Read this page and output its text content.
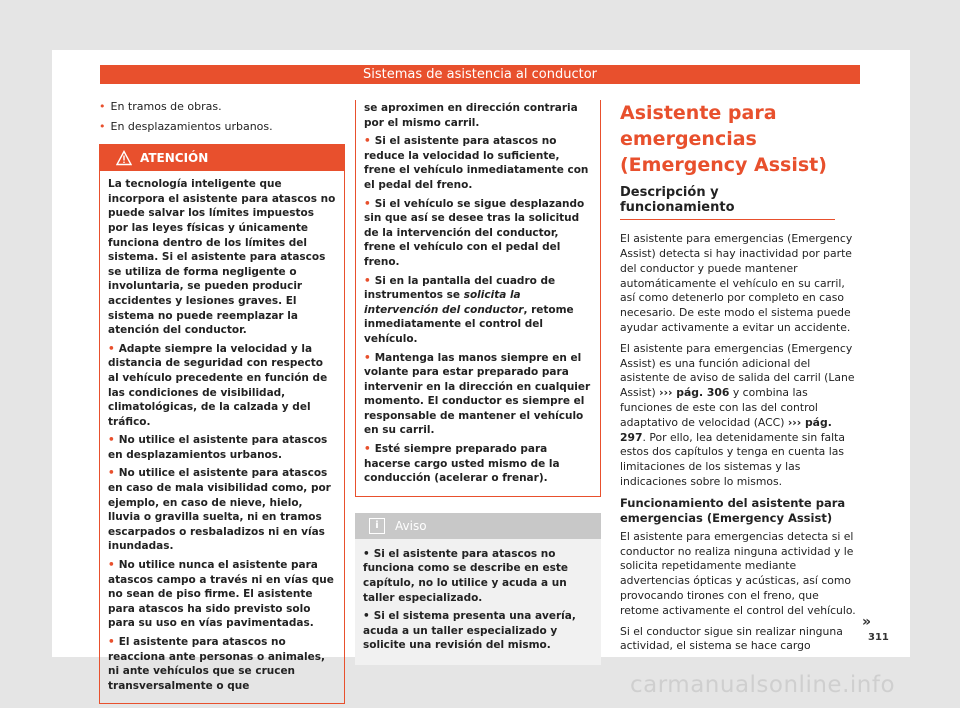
Sistemas de asistencia al conductor
• En tramos de obras.
• En desplazamientos urbanos.
ATENCIÓN

La tecnología inteligente que incorpora el asistente para atascos no puede salvar los límites impuestos por las leyes físicas y únicamente funciona dentro de los límites del sistema. Si el asistente para atascos se utiliza de forma negligente o involuntaria, se pueden producir accidentes y lesiones graves. El sistema no puede reemplazar la atención del conductor.

• Adapte siempre la velocidad y la distancia de seguridad con respecto al vehículo precedente en función de las condiciones de visibilidad, climatológicas, de la calzada y del tráfico.
• No utilice el asistente para atascos en desplazamientos urbanos.
• No utilice el asistente para atascos en caso de mala visibilidad como, por ejemplo, en caso de nieve, hielo, lluvia o gravilla suelta, ni en tramos escarpados o resbaladizos ni en vías inundadas.
• No utilice nunca el asistente para atascos campo a través ni en vías que no sean de piso firme. El asistente para atascos ha sido previsto solo para su uso en vías pavimentadas.
• El asistente para atascos no reacciona ante personas o animales, ni ante vehículos que se crucen transversalmente o que

se aproximen en dirección contraria por el mismo carril.

• Si el asistente para atascos no reduce la velocidad lo suficiente, frene el vehículo inmediatamente con el pedal del freno.
• Si el vehículo se sigue desplazando sin que así se desee tras la solicitud de la intervención del conductor, frene el vehículo con el pedal del freno.
• Si en la pantalla del cuadro de instrumentos se solicita la intervención del conductor, retome inmediatamente el control del vehículo.
• Mantenga las manos siempre en el volante para estar preparado para intervenir en la dirección en cualquier momento. El conductor es siempre el responsable de mantener el vehículo en su carril.
• Esté siempre preparado para hacerse cargo usted mismo de la conducción (acelerar o frenar).
i	Aviso
• Si el asistente para atascos no funciona como se describe en este capítulo, no lo utilice y acuda a un taller especializado.
• Si el sistema presenta una avería, acuda a un taller especializado y solicite una revisión del mismo.
Asistente para emergencias (Emergency Assist)
Descripción y funcionamiento

El asistente para emergencias (Emergency Assist) detecta si hay inactividad por parte del conductor y puede mantener automáticamente el vehículo en su carril, así como detenerlo por completo en caso necesario. De este modo el sistema puede ayudar activamente a evitar un accidente.

El asistente para emergencias (Emergency Assist) es una función adicional del asistente de aviso de salida del carril (Lane Assist) ››› pág. 306 y combina las funciones de este con las del control adaptativo de velocidad (ACC) ››› pág. 297. Por ello, lea detenidamente sin falta estos dos capítulos y tenga en cuenta las limitaciones de los sistemas y las indicaciones sobre lo mismos.

Funcionamiento del asistente para emergencias (Emergency Assist)

El asistente para emergencias detecta si el conductor no realiza ninguna actividad y le solicita repetidamente mediante advertencias ópticas y acústicas, así como provocando tirones con el freno, que retome activamente el control del vehículo.

Si el conductor sigue sin realizar ninguna actividad, el sistema se hace cargo

»
311
carmanualsonline.info
